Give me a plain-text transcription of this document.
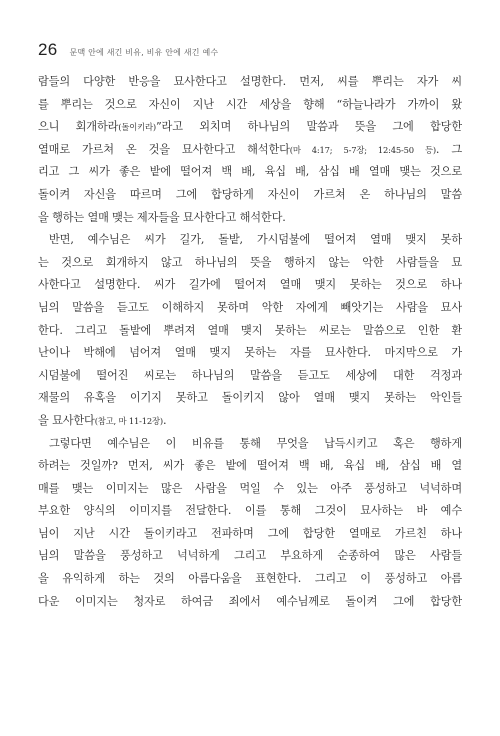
26 문맥 안에 새긴 비유, 비유 안에 새긴 예수

람들의 다양한 반응을 묘사한다고 설명한다. 먼저, 씨를 뿌리는 자가 씨
를 뿌리는 것으로 자신이 지난 시간 세상을 향해 “하늘나라가 가까이 왔
으니 회개하라(돌이키라)”라고 외치며 하나님의 말씀과 뜻을 그에 합당한
열매로 가르쳐 온 것을 묘사한다고 해석한다(마 4:17; 5-7장; 12:45-50 등). 그
리고 그 씨가 좋은 밭에 떨어져 백 배, 육십 배, 삼십 배 열매 맺는 것으로
돌이켜 자신을 따르며 그에 합당하게 자신이 가르쳐 온 하나님의 말씀
을 행하는 열매 맺는 제자들을 묘사한다고 해석한다.

반면, 예수님은 씨가 길가, 돌밭, 가시덤불에 떨어져 열매 맺지 못하
는 것으로 회개하지 않고 하나님의 뜻을 행하지 않는 악한 사람들을 묘
사한다고 설명한다. 씨가 길가에 떨어져 열매 맺지 못하는 것으로 하나
님의 말씀을 듣고도 이해하지 못하며 악한 자에게 빼앗기는 사람을 묘사
한다. 그리고 돌밭에 뿌려져 열매 맺지 못하는 씨로는 말씀으로 인한 환
난이나 박해에 넘어져 열매 맺지 못하는 자를 묘사한다. 마지막으로 가
시덤불에 떨어진 씨로는 하나님의 말씀을 듣고도 세상에 대한 걱정과
재물의 유혹을 이기지 못하고 돌이키지 않아 열매 맺지 못하는 악인들
을 묘사한다(참고, 마 11-12장).

그렇다면 예수님은 이 비유를 통해 무엇을 납득시키고 혹은 행하게
하려는 것일까? 먼저, 씨가 좋은 밭에 떨어져 백 배, 육십 배, 삼십 배 열
매를 맺는 이미지는 많은 사람을 먹일 수 있는 아주 풍성하고 넉넉하며
부요한 양식의 이미지를 전달한다. 이를 통해 그것이 묘사하는 바 예수
님이 지난 시간 돌이키라고 전파하며 그에 합당한 열매로 가르친 하나
님의 말씀을 풍성하고 넉넉하게 그리고 부요하게 순종하여 많은 사람들
을 유익하게 하는 것의 아름다움을 표현한다. 그리고 이 풍성하고 아름
다운 이미지는 청자로 하여금 죄에서 예수님께로 돌이켜 그에 합당한
